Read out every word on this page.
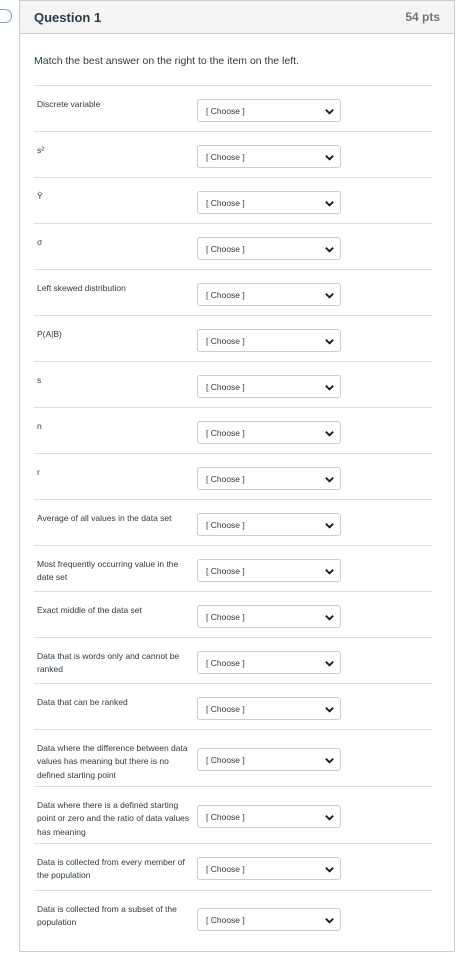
Question 1	54 pts
Match the best answer on the right to the item on the left.
Discrete variable
[ Choose ]
s²
[ Choose ]
Ŷ
[ Choose ]
σ
[ Choose ]
Left skewed distribution
[ Choose ]
P(A|B)
[ Choose ]
s
[ Choose ]
n
[ Choose ]
r
[ Choose ]
Average of all values in the data set
[ Choose ]
Most frequently occurring value in the date set
[ Choose ]
Exact middle of the data set
[ Choose ]
Data that is words only and cannot be ranked
[ Choose ]
Data that can be ranked
[ Choose ]
Data where the difference between data values has meaning but there is no defined starting point
[ Choose ]
Data where there is a defined starting point or zero and the ratio of data values has meaning
[ Choose ]
Data is collected from every member of the population
[ Choose ]
Data is collected from a subset of the population	[ Choose ]
